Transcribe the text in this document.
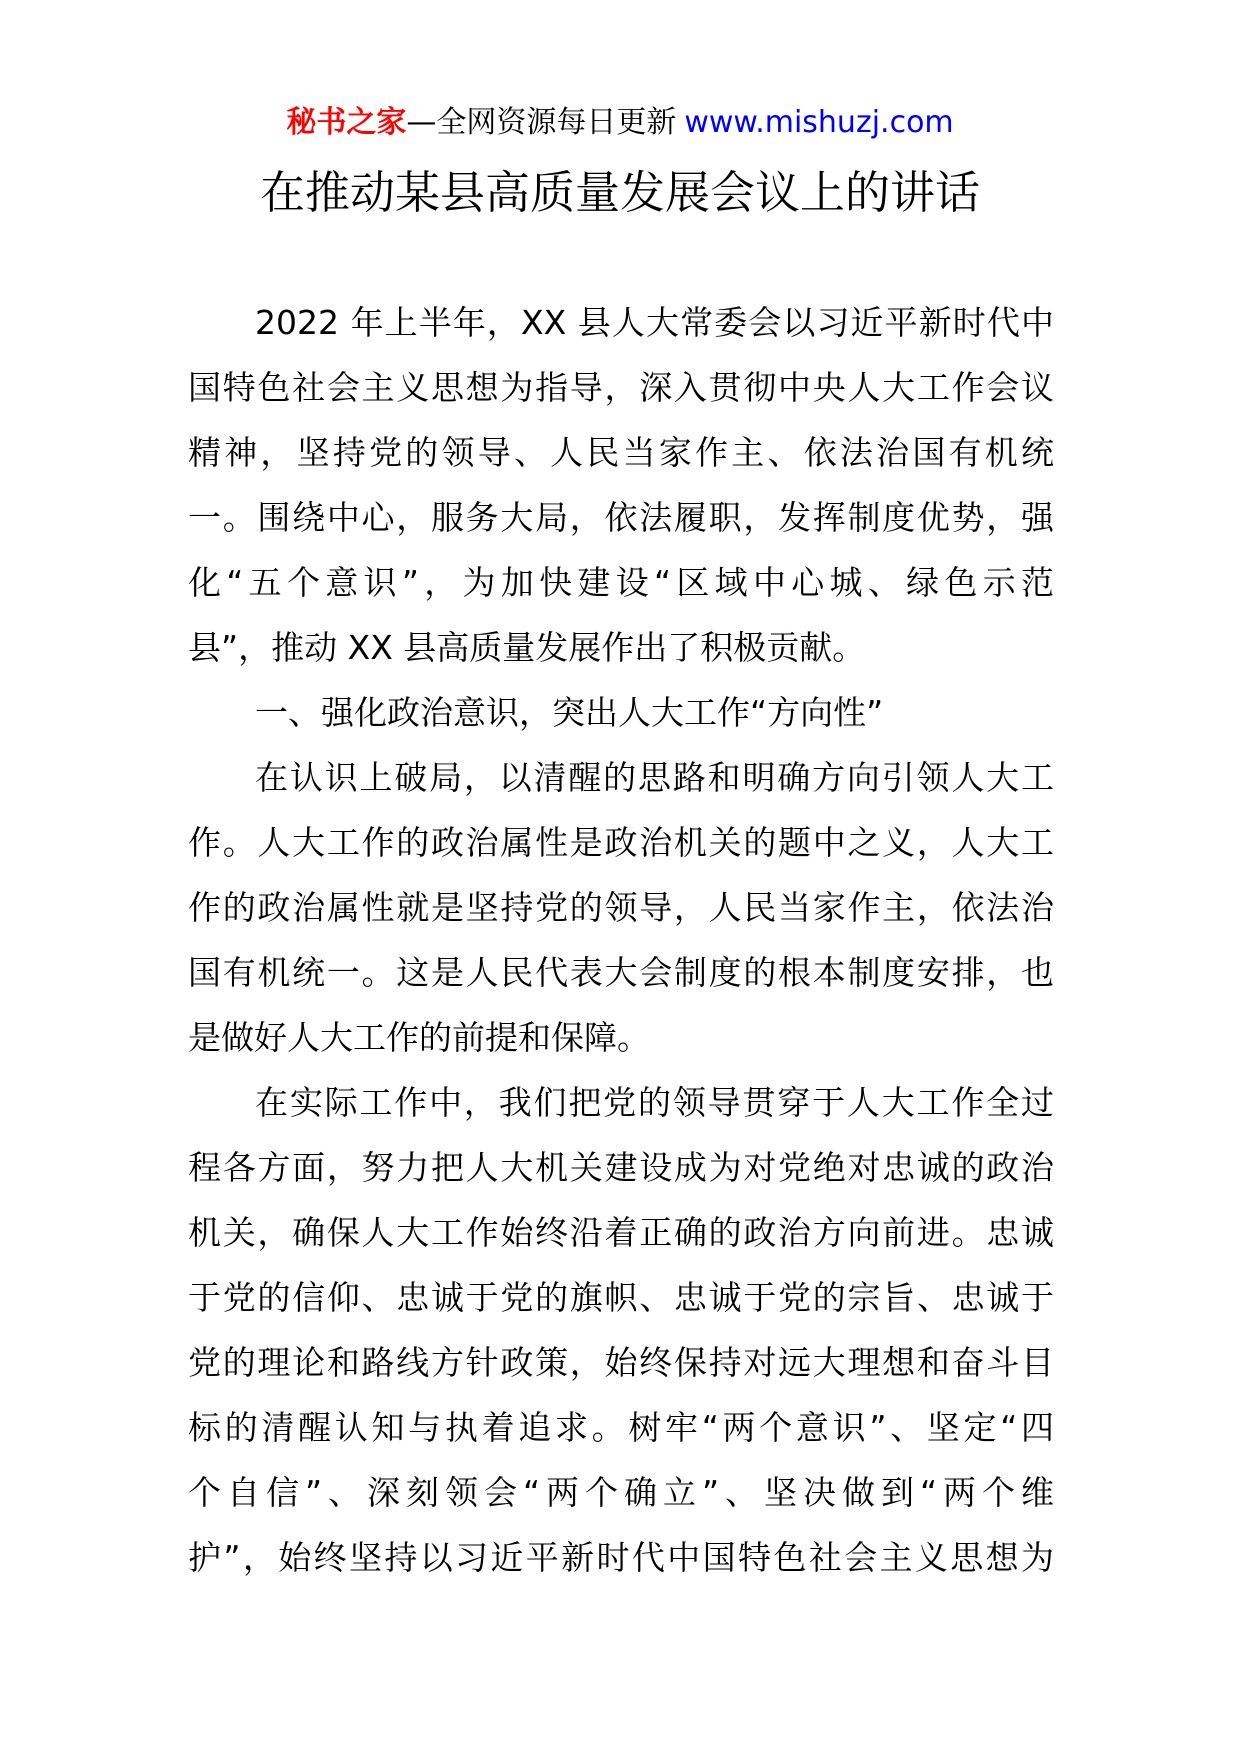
秘书之家—全网资源每日更新 www.mishuzj.com
在推动某县高质量发展会议上的讲话
2022 年上半年，XX 县人大常委会以习近平新时代中
国特色社会主义思想为指导，深入贯彻中央人大工作会议
精神，坚持党的领导、人民当家作主、依法治国有机统
一。围绕中心，服务大局，依法履职，发挥制度优势，强
化“五个意识”，为加快建设“区域中心城、绿色示范
县”，推动 XX 县高质量发展作出了积极贡献。
一、强化政治意识，突出人大工作“方向性”
在认识上破局，以清醒的思路和明确方向引领人大工
作。人大工作的政治属性是政治机关的题中之义，人大工
作的政治属性就是坚持党的领导，人民当家作主，依法治
国有机统一。这是人民代表大会制度的根本制度安排，也
是做好人大工作的前提和保障。
在实际工作中，我们把党的领导贯穿于人大工作全过
程各方面，努力把人大机关建设成为对党绝对忠诚的政治
机关，确保人大工作始终沿着正确的政治方向前进。忠诚
于党的信仰、忠诚于党的旗帜、忠诚于党的宗旨、忠诚于
党的理论和路线方针政策，始终保持对远大理想和奋斗目
标的清醒认知与执着追求。树牢“两个意识”、坚定“四
个自信”、深刻领会“两个确立”、坚决做到“两个维
护”，始终坚持以习近平新时代中国特色社会主义思想为
